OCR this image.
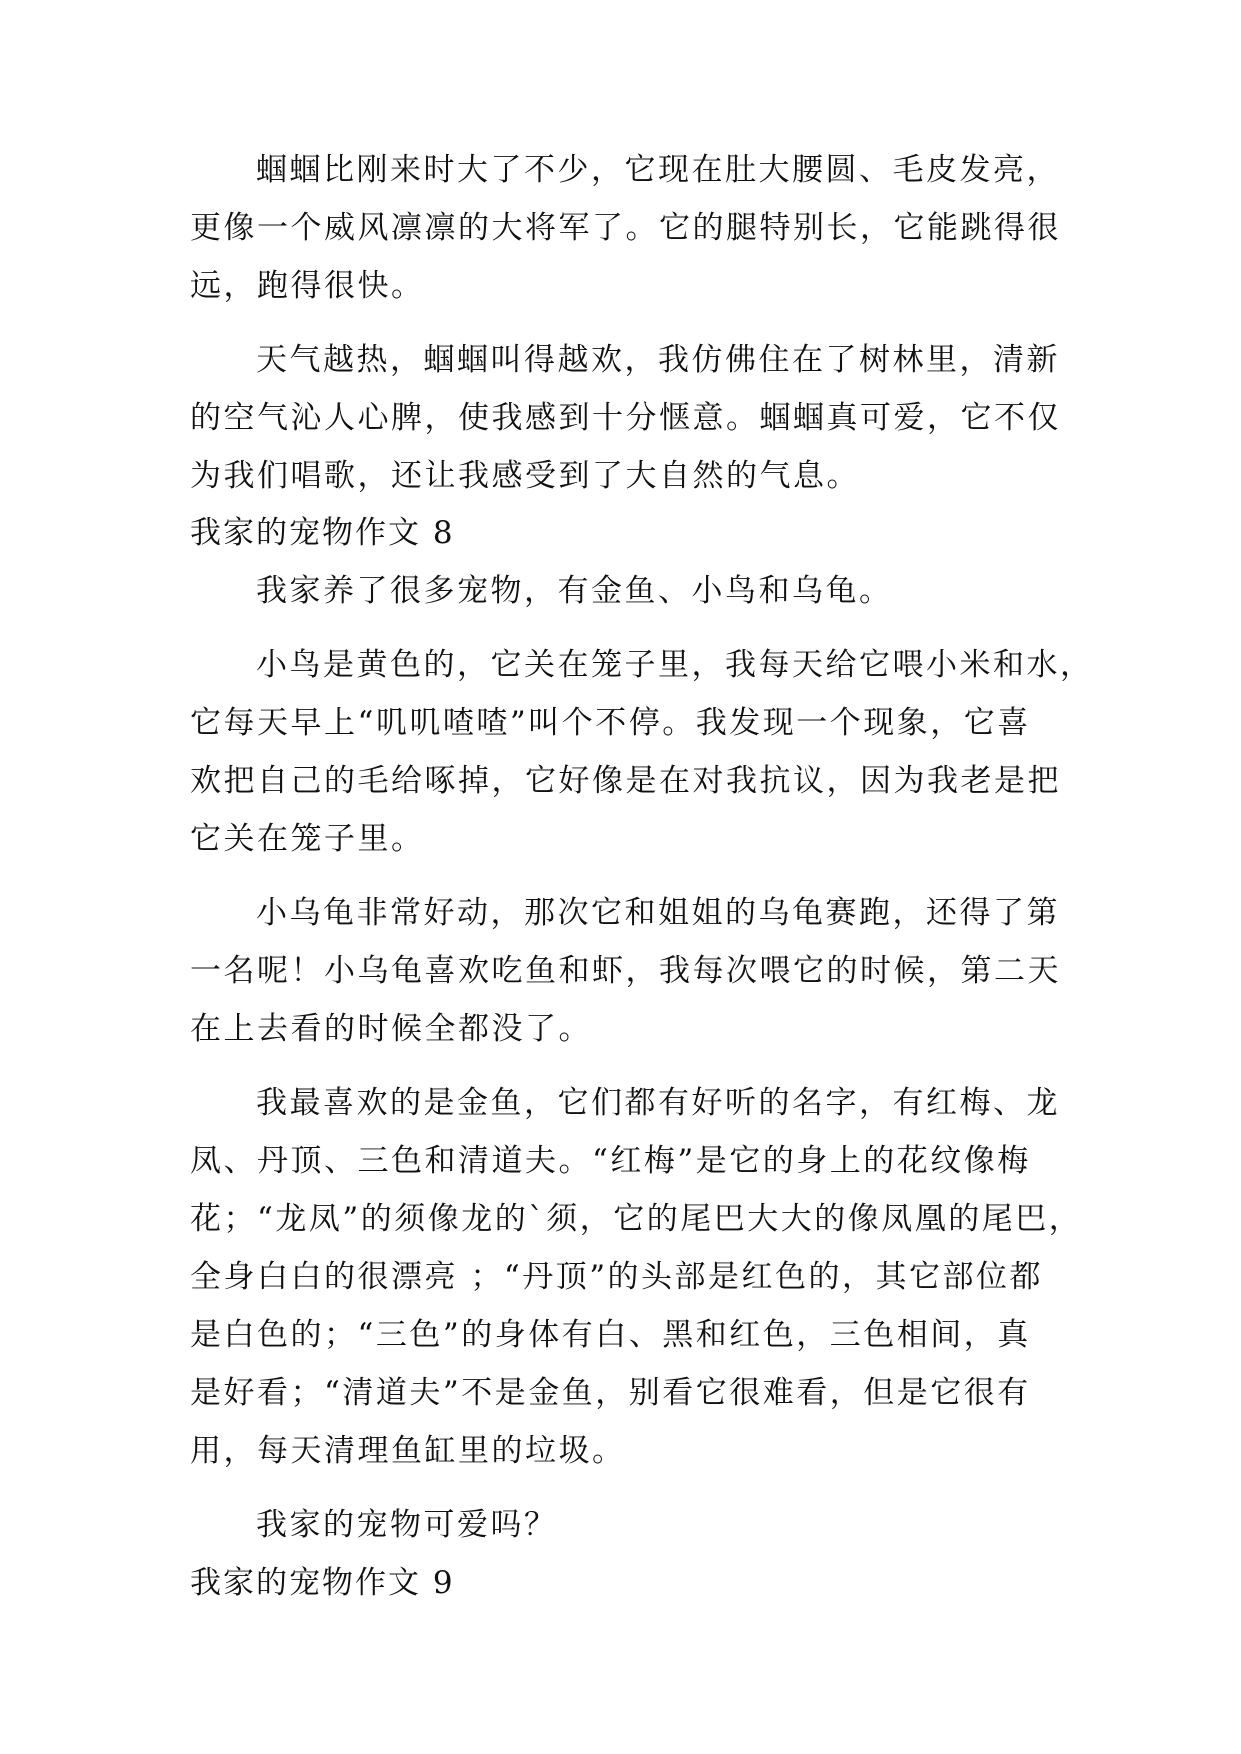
蝈蝈比刚来时大了不少，它现在肚大腰圆、毛皮发亮，
更像一个威风凛凛的大将军了。它的腿特别长，它能跳得很
远，跑得很快。
天气越热，蝈蝈叫得越欢，我仿佛住在了树林里，清新
的空气沁人心脾，使我感到十分惬意。蝈蝈真可爱，它不仅
为我们唱歌，还让我感受到了大自然的气息。
我家的宠物作文 8
我家养了很多宠物，有金鱼、小鸟和乌龟。
小鸟是黄色的，它关在笼子里，我每天给它喂小米和水，
它每天早上“叽叽喳喳”叫个不停。我发现一个现象，它喜
欢把自己的毛给啄掉，它好像是在对我抗议，因为我老是把
它关在笼子里。
小乌龟非常好动，那次它和姐姐的乌龟赛跑，还得了第
一名呢！小乌龟喜欢吃鱼和虾，我每次喂它的时候，第二天
在上去看的时候全都没了。
我最喜欢的是金鱼，它们都有好听的名字，有红梅、龙
凤、丹顶、三色和清道夫。“红梅”是它的身上的花纹像梅
花；“龙凤”的须像龙的`须，它的尾巴大大的像凤凰的尾巴，
全身白白的很漂亮 ；“丹顶”的头部是红色的，其它部位都
是白色的；“三色”的身体有白、黑和红色，三色相间，真
是好看；“清道夫”不是金鱼，别看它很难看，但是它很有
用，每天清理鱼缸里的垃圾。
我家的宠物可爱吗？
我家的宠物作文 9
